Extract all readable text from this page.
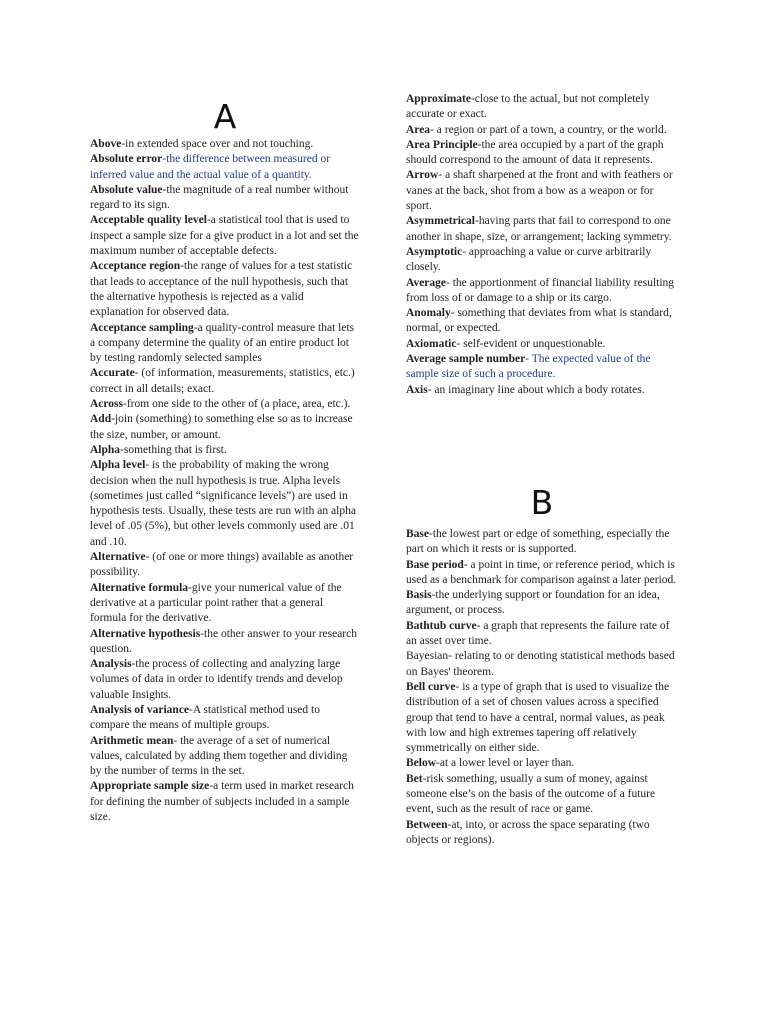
A

Above-in extended space over and not touching.

Absolute error-the difference between measured or inferred value and the actual value of a quantity.

Absolute value-the magnitude of a real number without regard to its sign.

Acceptable quality level-a statistical tool that is used to inspect a sample size for a give product in a lot and set the maximum number of acceptable defects.

Acceptance region-the range of values for a test statistic that leads to acceptance of the null hypothesis, such that the alternative hypothesis is rejected as a valid explanation for observed data.

Acceptance sampling-a quality-control measure that lets a company determine the quality of an entire product lot by testing randomly selected samples

Accurate- (of information, measurements, statistics, etc.) correct in all details; exact.

Across-from one side to the other of (a place, area, etc.).

Add-join (something) to something else so as to increase the size, number, or amount.

Alpha-something that is first.

Alpha level- is the probability of making the wrong decision when the null hypothesis is true. Alpha levels (sometimes just called “significance levels”) are used in hypothesis tests. Usually, these tests are run with an alpha level of .05 (5%), but other levels commonly used are .01 and .10.

Alternative- (of one or more things) available as another possibility.

Alternative formula-give your numerical value of the derivative at a particular point rather that a general formula for the derivative.

Alternative hypothesis-the other answer to your research question.

Analysis-the process of collecting and analyzing large volumes of data in order to identify trends and develop valuable Insights.

Analysis of variance-A statistical method used to compare the means of multiple groups.

Arithmetic mean- the average of a set of numerical values, calculated by adding them together and dividing by the number of terms in the set.

Appropriate sample size-a term used in market research for defining the number of subjects included in a sample size.

Approximate-close to the actual, but not completely accurate or exact.

Area- a region or part of a town, a country, or the world.

Area Principle-the area occupied by a part of the graph should correspond to the amount of data it represents.

Arrow- a shaft sharpened at the front and with feathers or vanes at the back, shot from a bow as a weapon or for sport.

Asymmetrical-having parts that fail to correspond to one another in shape, size, or arrangement; lacking symmetry.

Asymptotic- approaching a value or curve arbitrarily closely.

Average- the apportionment of financial liability resulting from loss of or damage to a ship or its cargo.

Anomaly- something that deviates from what is standard, normal, or expected.

Axiomatic- self-evident or unquestionable.

Average sample number- The expected value of the sample size of such a procedure.

Axis- an imaginary line about which a body rotates.

B

Base-the lowest part or edge of something, especially the part on which it rests or is supported.

Base period- a point in time, or reference period, which is used as a benchmark for comparison against a later period.

Basis-the underlying support or foundation for an idea, argument, or process.

Bathtub curve- a graph that represents the failure rate of an asset over time.

Bayesian- relating to or denoting statistical methods based on Bayes' theorem.

Bell curve- is a type of graph that is used to visualize the distribution of a set of chosen values across a specified group that tend to have a central, normal values, as peak with low and high extremes tapering off relatively symmetrically on either side.

Below-at a lower level or layer than.

Bet-risk something, usually a sum of money, against someone else’s on the basis of the outcome of a future event, such as the result of race or game.

Between-at, into, or across the space separating (two objects or regions).
